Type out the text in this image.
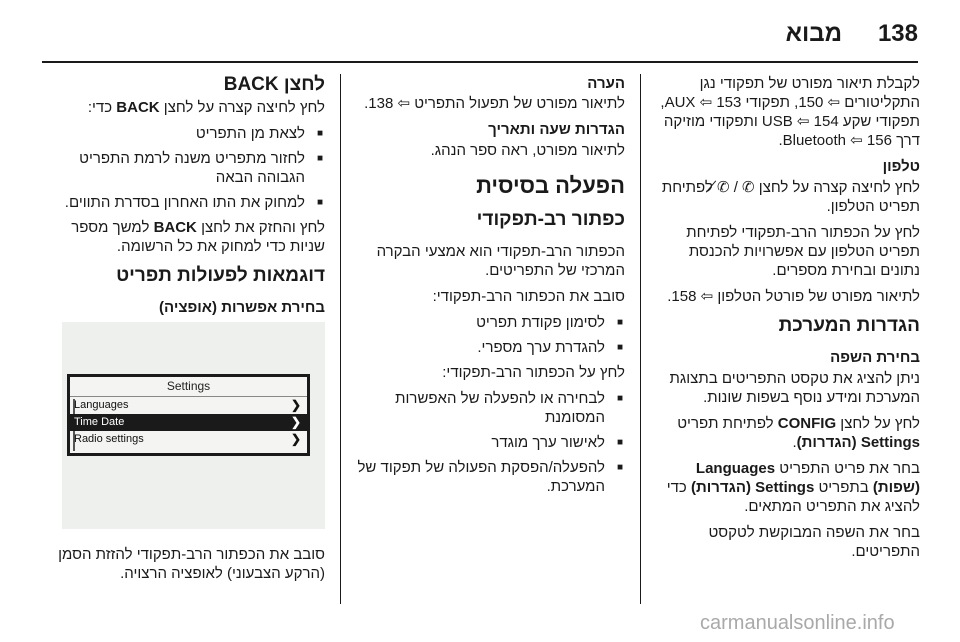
138
מבוא

לקבלת תיאור מפורט של תפקודי נגן התקליטורים ⇦ 150, תפקודי AUX ⇦ 153, תפקודי שקע USB ⇦ 154 ותפקודי מוזיקה דרך Bluetooth ⇦ 156.

טלפון

לחץ לחיצה קצרה על לחצן ✆ / ✆̸ לפתיחת תפריט הטלפון.

לחץ על הכפתור הרב-תפקודי לפתיחת תפריט הטלפון עם אפשרויות להכנסת נתונים ובחירת מספרים.

לתיאור מפורט של פורטל הטלפון ⇦ 158.

הגדרות המערכת
בחירת השפה

ניתן להציג את טקסט התפריטים בתצוגת המערכת ומידע נוסף בשפות שונות.

לחץ על לחצן CONFIG לפתיחת תפריט Settings (הגדרות).

בחר את פריט התפריט Languages (שפות) בתפריט Settings (הגדרות) כדי להציג את התפריט המתאים.

בחר את השפה המבוקשת לטקסט התפריטים.

הערה

לתיאור מפורט של תפעול התפריט ⇦ 138.

הגדרות שעה ותאריך

לתיאור מפורט, ראה ספר הנהג.

הפעלה בסיסית
כפתור רב-תפקודי

הכפתור הרב-תפקודי הוא אמצעי הבקרה המרכזי של התפריטים.

סובב את הכפתור הרב-תפקודי:

■ לסימון פקודת תפריט
■ להגדרת ערך מספרי.

לחץ על הכפתור הרב-תפקודי:

■ לבחירה או להפעלה של האפשרות המסומנת
■ לאישור ערך מוגדר
■ להפעלה/הפסקת הפעולה של תפקוד של המערכת.
לחצן BACK

לחץ לחיצה קצרה על לחצן BACK כדי:

■ לצאת מן התפריט
■ לחזור מתפריט משנה לרמת התפריט הגבוהה הבאה
■ למחוק את התו האחרון בסדרת התווים.

לחץ והחזק את לחצן BACK למשך מספר שניות כדי למחוק את כל הרשומה.

דוגמאות לפעולות תפריט
בחירת אפשרות (אופציה)
Settings
Languages	❯
Time Date	❯
Radio settings	❯
סובב את הכפתור הרב-תפקודי להזזת הסמן (הרקע הצבעוני) לאופציה הרצויה.
carmanualsonline.info
